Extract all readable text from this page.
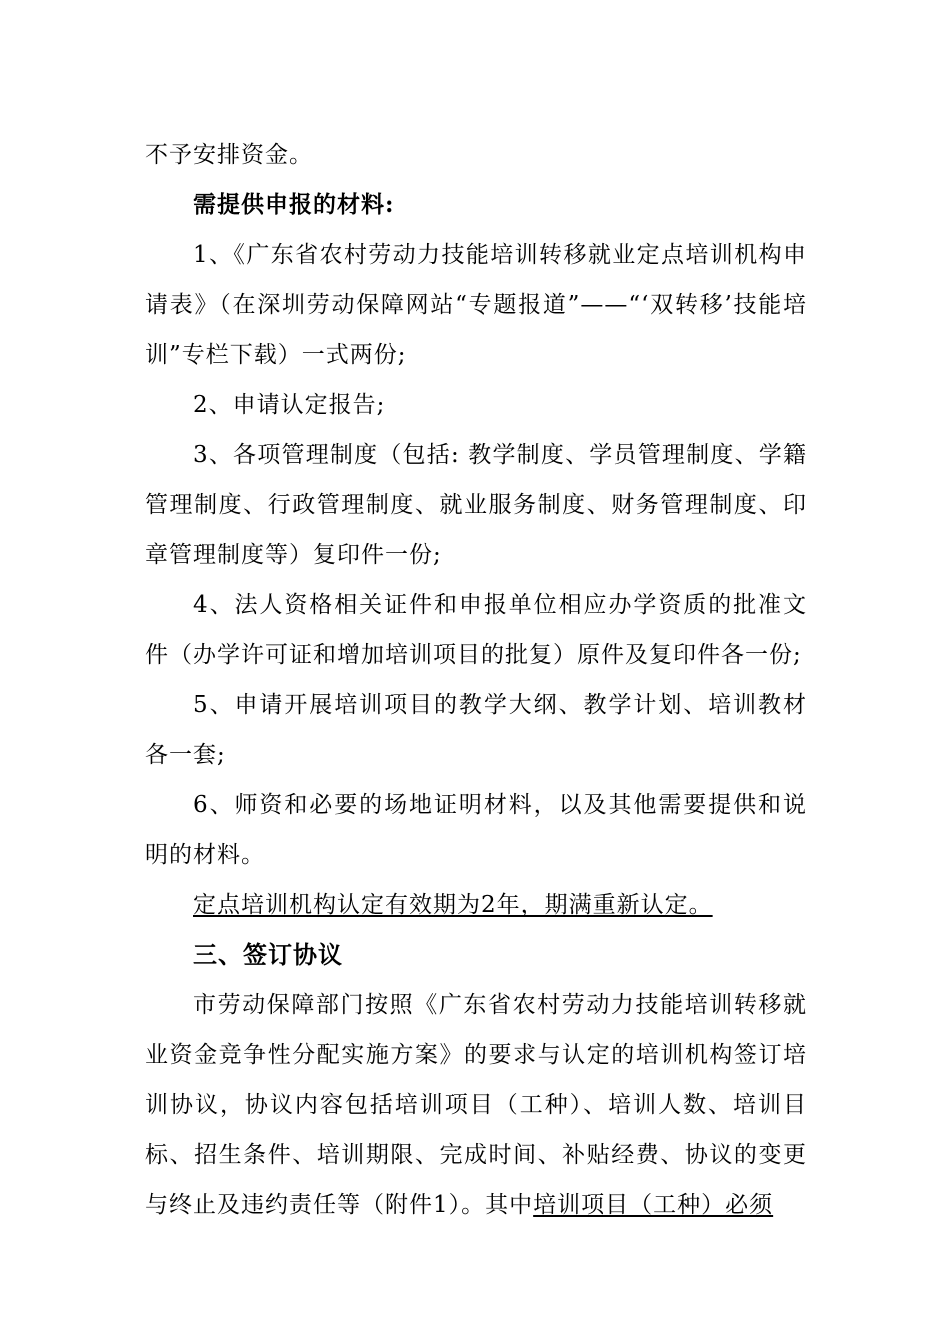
不予安排资金。

需提供申报的材料:

1、《广东省农村劳动力技能培训转移就业定点培训机构申请表》（在深圳劳动保障网站“专题报道”——“‘双转移’技能培训”专栏下载）一式两份;

2、申请认定报告;

3、各项管理制度（包括: 教学制度、学员管理制度、学籍管理制度、行政管理制度、就业服务制度、财务管理制度、印章管理制度等）复印件一份;

4、法人资格相关证件和申报单位相应办学资质的批准文件（办学许可证和增加培训项目的批复）原件及复印件各一份;

5、申请开展培训项目的教学大纲、教学计划、培训教材各一套;

6、师资和必要的场地证明材料，以及其他需要提供和说明的材料。

定点培训机构认定有效期为2年，期满重新认定。

三、签订协议

市劳动保障部门按照《广东省农村劳动力技能培训转移就业资金竞争性分配实施方案》的要求与认定的培训机构签订培训协议，协议内容包括培训项目（工种）、培训人数、培训目标、招生条件、培训期限、完成时间、补贴经费、协议的变更与终止及违约责任等（附件1）。其中培训项目（工种）必须
